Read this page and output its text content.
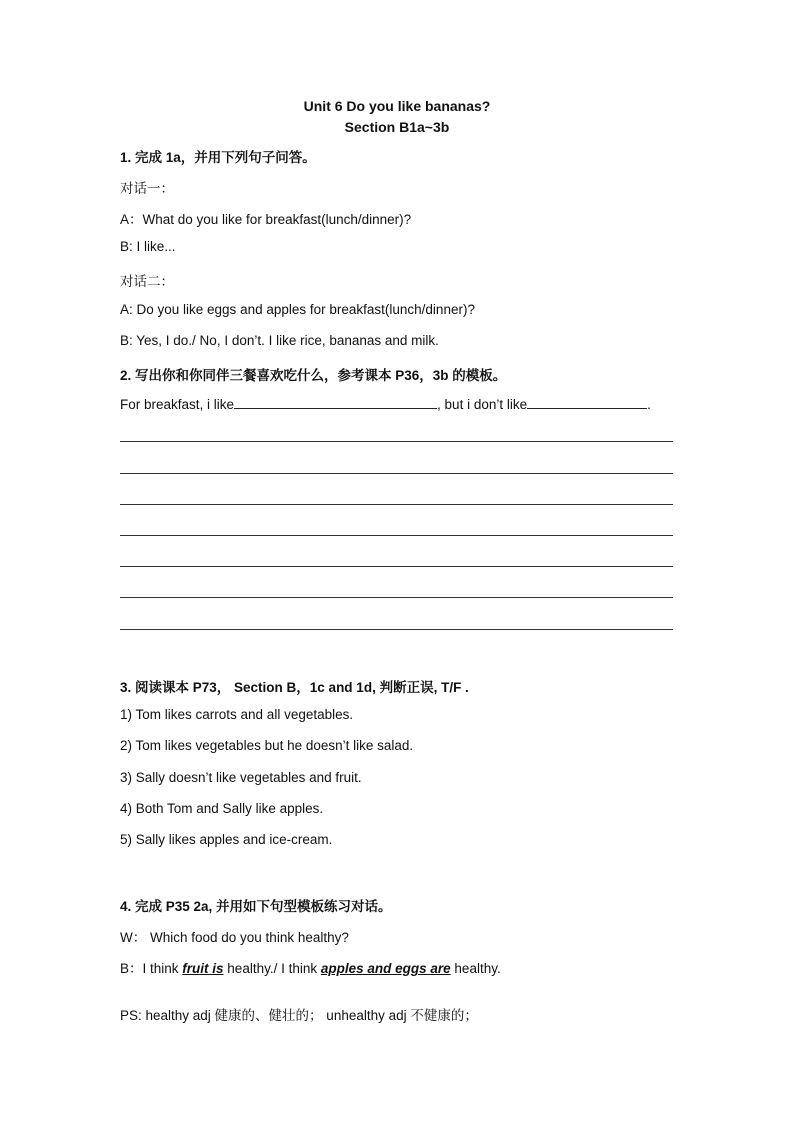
Unit 6 Do you like bananas?
Section B1a~3b
1. 完成 1a，并用下列句子问答。
对话一：
A：What do you like for breakfast(lunch/dinner)?
B: I like...
对话二：
A: Do you like eggs and apples for breakfast(lunch/dinner)?
B: Yes, I do./ No, I don’t. I like rice, bananas and milk.
2. 写出你和你同伴三餐喜欢吃什么，参考课本 P36，3b 的模板。
For breakfast, i like	, but i don’t like	.
3. 阅读课本 P73， Section B，1c and 1d, 判断正误, T/F .
1) Tom likes carrots and all vegetables.
2) Tom likes vegetables but he doesn’t like salad.
3) Sally doesn’t like vegetables and fruit.
4) Both Tom and Sally like apples.
5) Sally likes apples and ice-cream.
4. 完成 P35 2a, 并用如下句型模板练习对话。
W： Which food do you think healthy?
B：I think fruit is healthy./ I think apples and eggs are healthy.
PS: healthy adj 健康的、健壮的； unhealthy adj 不健康的；
